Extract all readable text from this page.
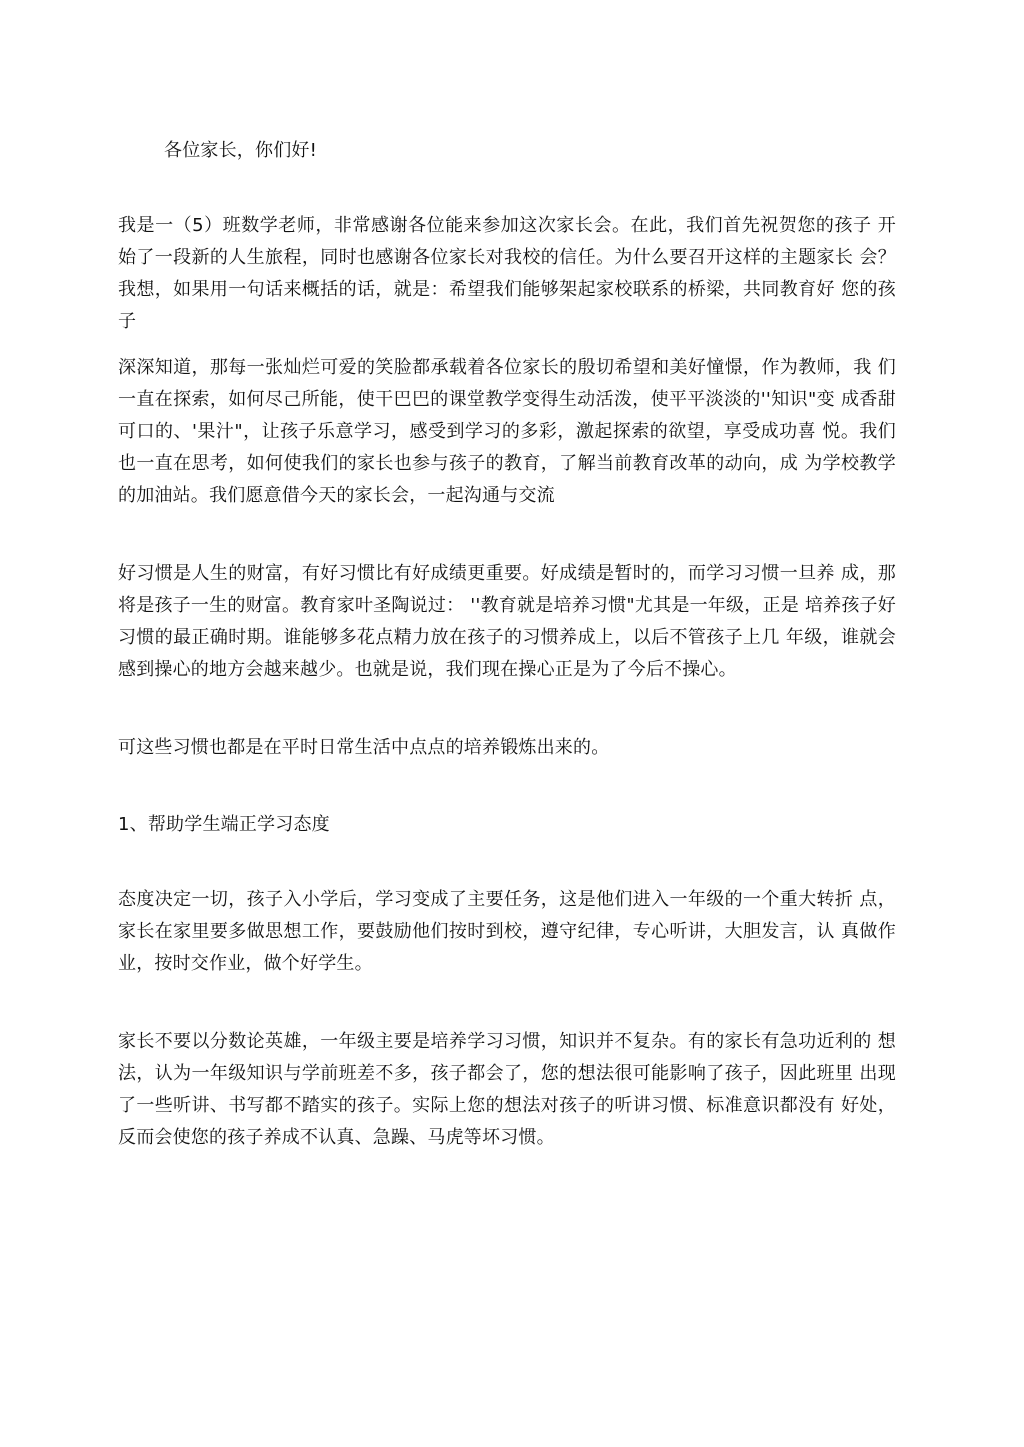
各位家长，你们好!

我是一（5）班数学老师，非常感谢各位能来参加这次家长会。在此，我们首先祝贺您的孩子 开始了一段新的人生旅程，同时也感谢各位家长对我校的信任。为什么要召开这样的主题家长 会？我想，如果用一句话来概括的话，就是：希望我们能够架起家校联系的桥梁，共同教育好 您的孩子

深深知道，那每一张灿烂可爱的笑脸都承载着各位家长的殷切希望和美好憧憬，作为教师，我 们一直在探索，如何尽己所能，使干巴巴的课堂教学变得生动活泼，使平平淡淡的''知识"变 成香甜可口的、'果汁"，让孩子乐意学习，感受到学习的多彩，激起探索的欲望，享受成功喜 悦。我们也一直在思考，如何使我们的家长也参与孩子的教育，了解当前教育改革的动向，成 为学校教学的加油站。我们愿意借今天的家长会，一起沟通与交流

好习惯是人生的财富，有好习惯比有好成绩更重要。好成绩是暂时的，而学习习惯一旦养 成，那将是孩子一生的财富。教育家叶圣陶说过： ''教育就是培养习惯"尤其是一年级，正是 培养孩子好习惯的最正确时期。谁能够多花点精力放在孩子的习惯养成上，以后不管孩子上几 年级，谁就会感到操心的地方会越来越少。也就是说，我们现在操心正是为了今后不操心。

可这些习惯也都是在平时日常生活中点点的培养锻炼出来的。

1、帮助学生端正学习态度

态度决定一切，孩子入小学后，学习变成了主要任务，这是他们进入一年级的一个重大转折 点，家长在家里要多做思想工作，要鼓励他们按时到校，遵守纪律，专心听讲，大胆发言，认 真做作业，按时交作业，做个好学生。

家长不要以分数论英雄，一年级主要是培养学习习惯，知识并不复杂。有的家长有急功近利的 想法，认为一年级知识与学前班差不多，孩子都会了，您的想法很可能影响了孩子，因此班里 出现了一些听讲、书写都不踏实的孩子。实际上您的想法对孩子的听讲习惯、标准意识都没有 好处，反而会使您的孩子养成不认真、急躁、马虎等坏习惯。
